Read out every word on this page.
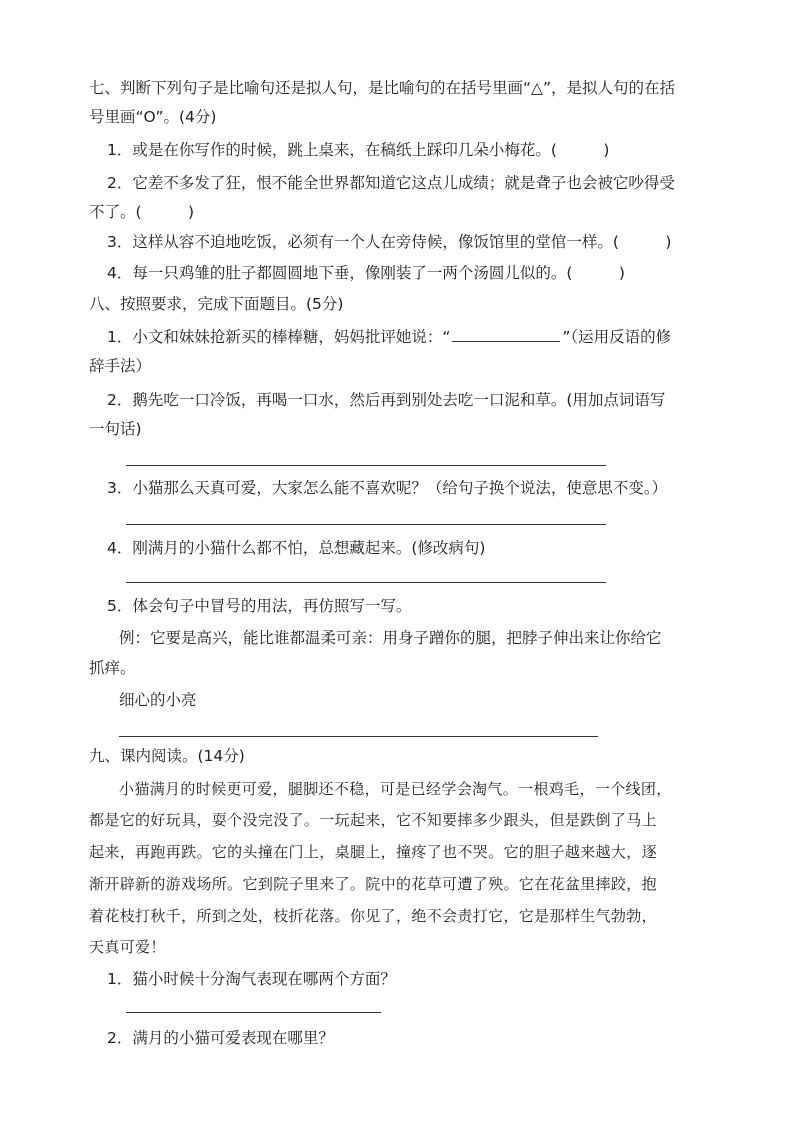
七、判断下列句子是比喻句还是拟人句，是比喻句的在括号里画“△”，是拟人句的在括
号里画“O”。(4分)
1．或是在你写作的时候，跳上桌来，在稿纸上踩印几朵小梅花。(　　　)
2．它差不多发了狂，恨不能全世界都知道它这点儿成绩；就是聋子也会被它吵得受
不了。(　　　)
3．这样从容不迫地吃饭，必须有一个人在旁侍候，像饭馆里的堂倌一样。(　　　)
4．每一只鸡雏的肚子都圆圆地下垂，像刚装了一两个汤圆儿似的。(　　　)
八、按照要求，完成下面题目。(5分)
1．小文和妹妹抢新买的棒棒糖，妈妈批评她说：“	”（运用反语的修
辞手法）
2．鹅先吃一口冷饭，再喝一口水，然后再到别处去吃一口泥和草。(用加点词语写
一句话)
3．小猫那么天真可爱，大家怎么能不喜欢呢？（给句子换个说法，使意思不变。）
4．刚满月的小猫什么都不怕，总想藏起来。(修改病句)
5．体会句子中冒号的用法，再仿照写一写。
例：它要是高兴，能比谁都温柔可亲：用身子蹭你的腿，把脖子伸出来让你给它
抓痒。
细心的小亮
九、课内阅读。(14分)
小猫满月的时候更可爱，腿脚还不稳，可是已经学会淘气。一根鸡毛，一个线团，
都是它的好玩具，耍个没完没了。一玩起来，它不知要摔多少跟头，但是跌倒了马上
起来，再跑再跌。它的头撞在门上，桌腿上，撞疼了也不哭。它的胆子越来越大，逐
渐开辟新的游戏场所。它到院子里来了。院中的花草可遭了殃。它在花盆里摔跤，抱
着花枝打秋千，所到之处，枝折花落。你见了，绝不会责打它，它是那样生气勃勃，
天真可爱！
1．猫小时候十分淘气表现在哪两个方面？
2．满月的小猫可爱表现在哪里？
